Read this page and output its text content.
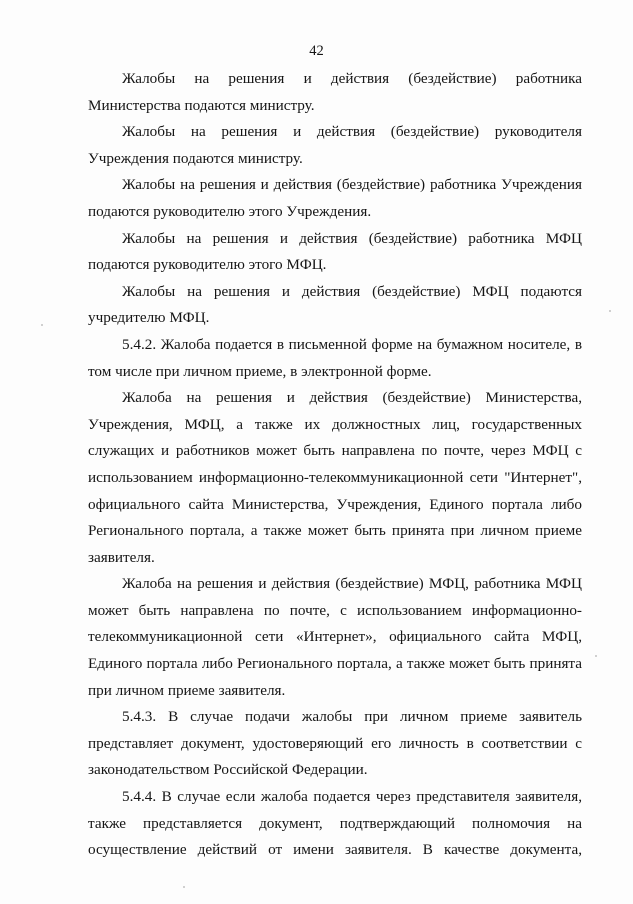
42

Жалобы на решения и действия (бездействие) работника Министерства подаются министру.

Жалобы на решения и действия (бездействие) руководителя Учреждения подаются министру.

Жалобы на решения и действия (бездействие) работника Учреждения подаются руководителю этого Учреждения.

Жалобы на решения и действия (бездействие) работника МФЦ подаются руководителю этого МФЦ.

Жалобы на решения и действия (бездействие) МФЦ подаются учредителю МФЦ.

5.4.2. Жалоба подается в письменной форме на бумажном носителе, в том числе при личном приеме, в электронной форме.

Жалоба на решения и действия (бездействие) Министерства, Учреждения, МФЦ, а также их должностных лиц, государственных служащих и работников может быть направлена по почте, через МФЦ с использованием информационно-телекоммуникационной сети "Интернет", официального сайта Министерства, Учреждения, Единого портала либо Регионального портала, а также может быть принята при личном приеме заявителя.

Жалоба на решения и действия (бездействие) МФЦ, работника МФЦ может быть направлена по почте, с использованием информационно-телекоммуникационной сети «Интернет», официального сайта МФЦ, Единого портала либо Регионального портала, а также может быть принята при личном приеме заявителя.

5.4.3. В случае подачи жалобы при личном приеме заявитель представляет документ, удостоверяющий его личность в соответствии с законодательством Российской Федерации.

5.4.4. В случае если жалоба подается через представителя заявителя, также представляется документ, подтверждающий полномочия на осуществление действий от имени заявителя. В качестве документа,
